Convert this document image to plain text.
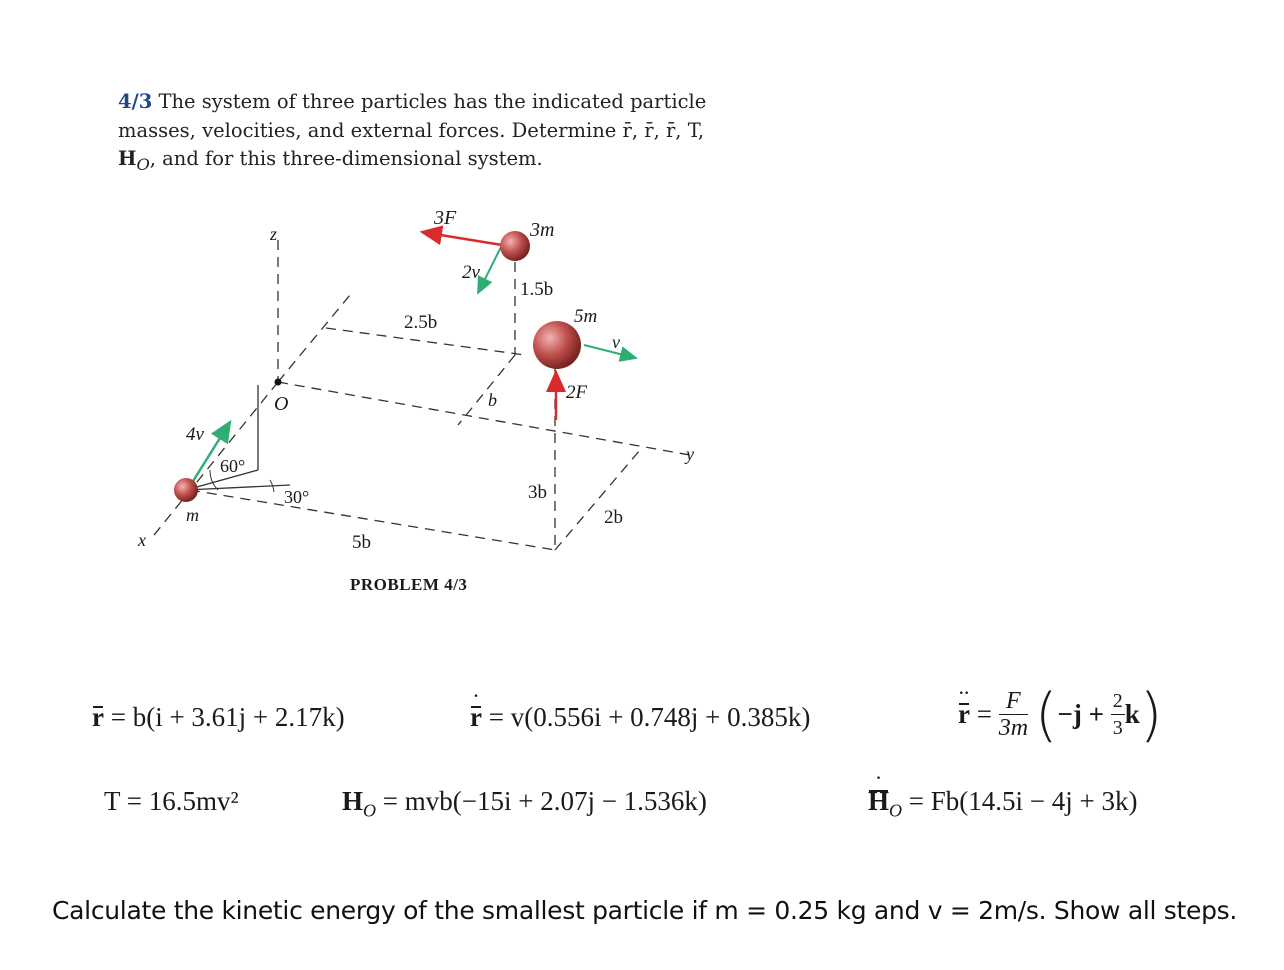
4/3 The system of three particles has the indicated particle
masses, velocities, and external forces. Determine r̄, r̄, r̄, T,
$H_O$, and for this three-dimensional system.
z
O
x
y
m
3m
5m
3F
2F
4v
2v
v
60°
30°
2.5b
1.5b
b
3b
2b
5b
PROBLEM 4/3
r = b(i + 3.61j + 2.17k)
·
r = v(0.556i + 0.748j + 0.385k)
··
$r = \frac{F}{3m} (-j + \frac{2}{3} k)$
T = 16.5mv²	$H_O = mvb(-15i + 2.07j - 1.536k)$
·
$H_O = Fb(14.5i - 4j + 3k)$
Calculate the kinetic energy of the smallest particle if m = 0.25 kg and v = 2m/s. Show all steps.
